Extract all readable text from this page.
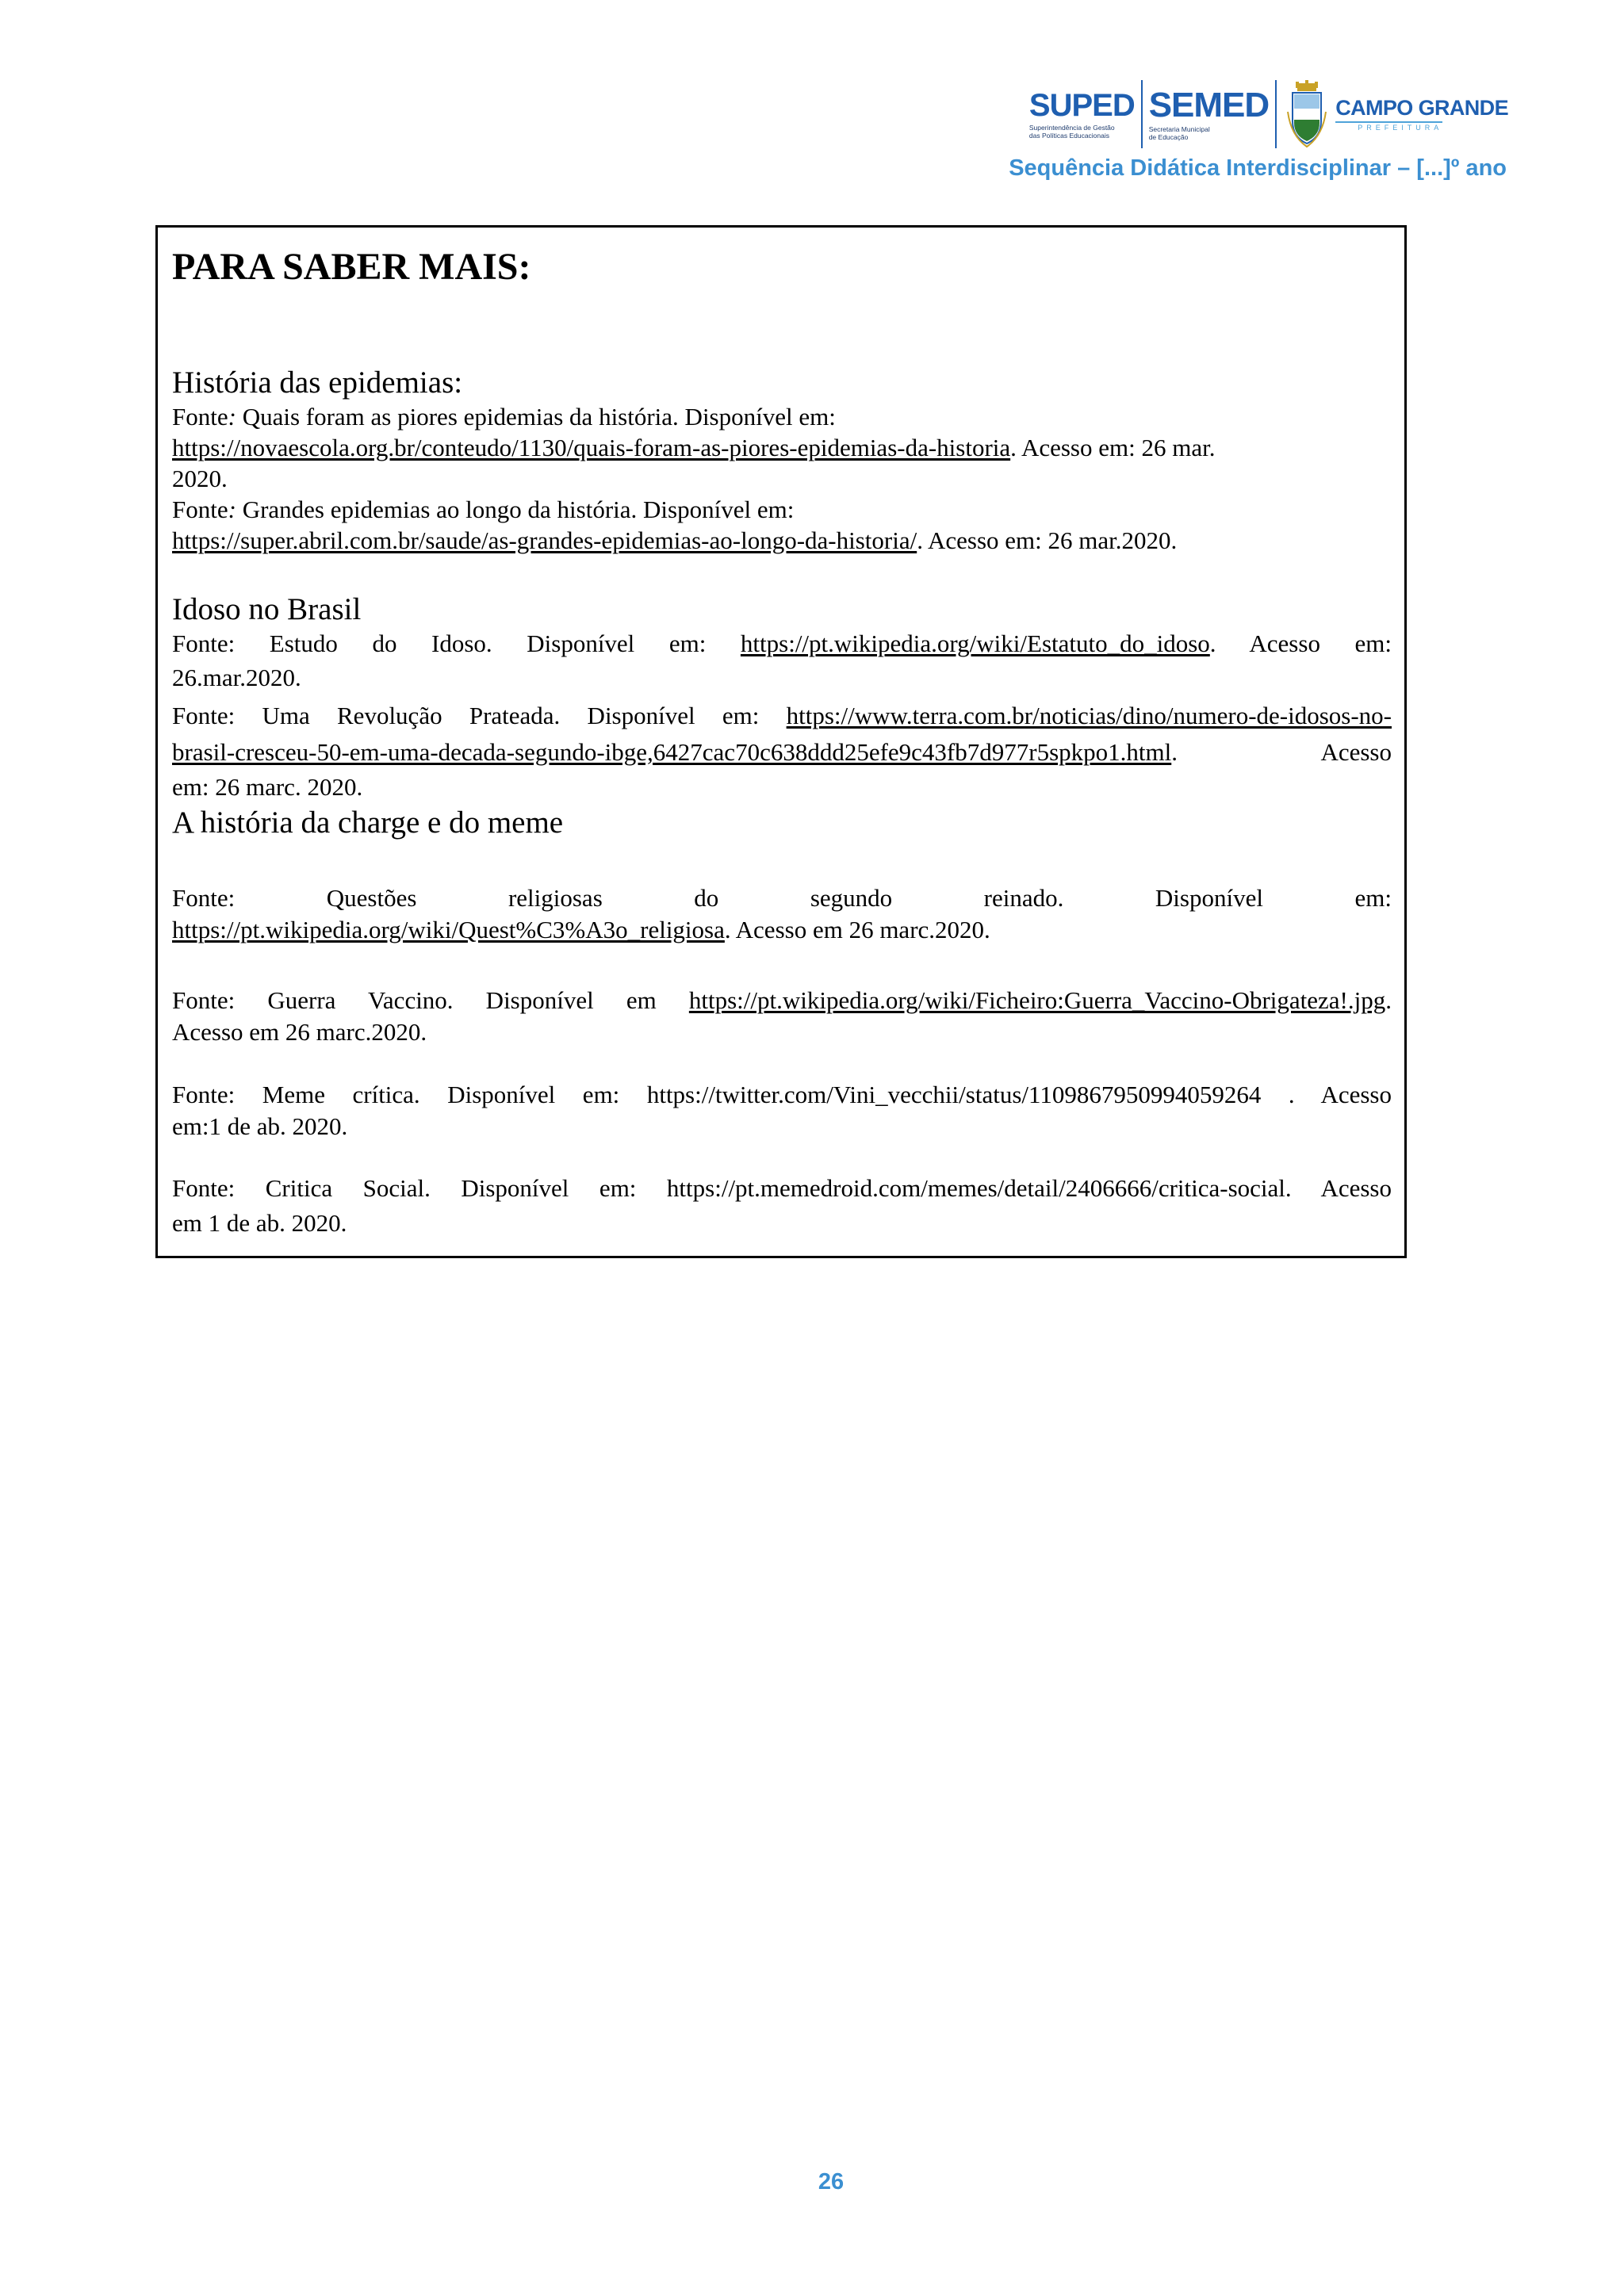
SUPED
Superintendência de Gestão das Políticas Educacionais
SEMED
Secretaria Municipal de Educação
CAMPO GRANDE
PREFEITURA
Sequência Didática Interdisciplinar – [...]º ano
PARA SABER MAIS:
História das epidemias:
Fonte: Quais foram as piores epidemias da história. Disponível em:
https://novaescola.org.br/conteudo/1130/quais-foram-as-piores-epidemias-da-historia. Acesso em: 26 mar.
2020.
Fonte: Grandes epidemias ao longo da história. Disponível em:
https://super.abril.com.br/saude/as-grandes-epidemias-ao-longo-da-historia/. Acesso em: 26 mar.2020.
Idoso no Brasil
Fonte: Estudo do Idoso. Disponível em: https://pt.wikipedia.org/wiki/Estatuto_do_idoso. Acesso em:
26.mar.2020.
Fonte: Uma Revolução Prateada. Disponível em: https://www.terra.com.br/noticias/dino/numero-de-idosos-no-
brasil-cresceu-50-em-uma-decada-segundo-ibge,6427cac70c638ddd25efe9c43fb7d977r5spkpo1.html.  Acesso
em: 26 marc. 2020.
A história da charge e do meme
Fonte: Questões religiosas do segundo reinado. Disponível em:
https://pt.wikipedia.org/wiki/Quest%C3%A3o_religiosa. Acesso em 26 marc.2020.
Fonte: Guerra Vaccino. Disponível em https://pt.wikipedia.org/wiki/Ficheiro:Guerra_Vaccino-Obrigateza!.jpg.
Acesso em 26 marc.2020.
Fonte: Meme crítica. Disponível em: https://twitter.com/Vini_vecchii/status/1109867950994059264 . Acesso
em:1 de ab. 2020.
Fonte: Critica Social. Disponível em: https://pt.memedroid.com/memes/detail/2406666/critica-social. Acesso
em 1 de ab. 2020.
26
